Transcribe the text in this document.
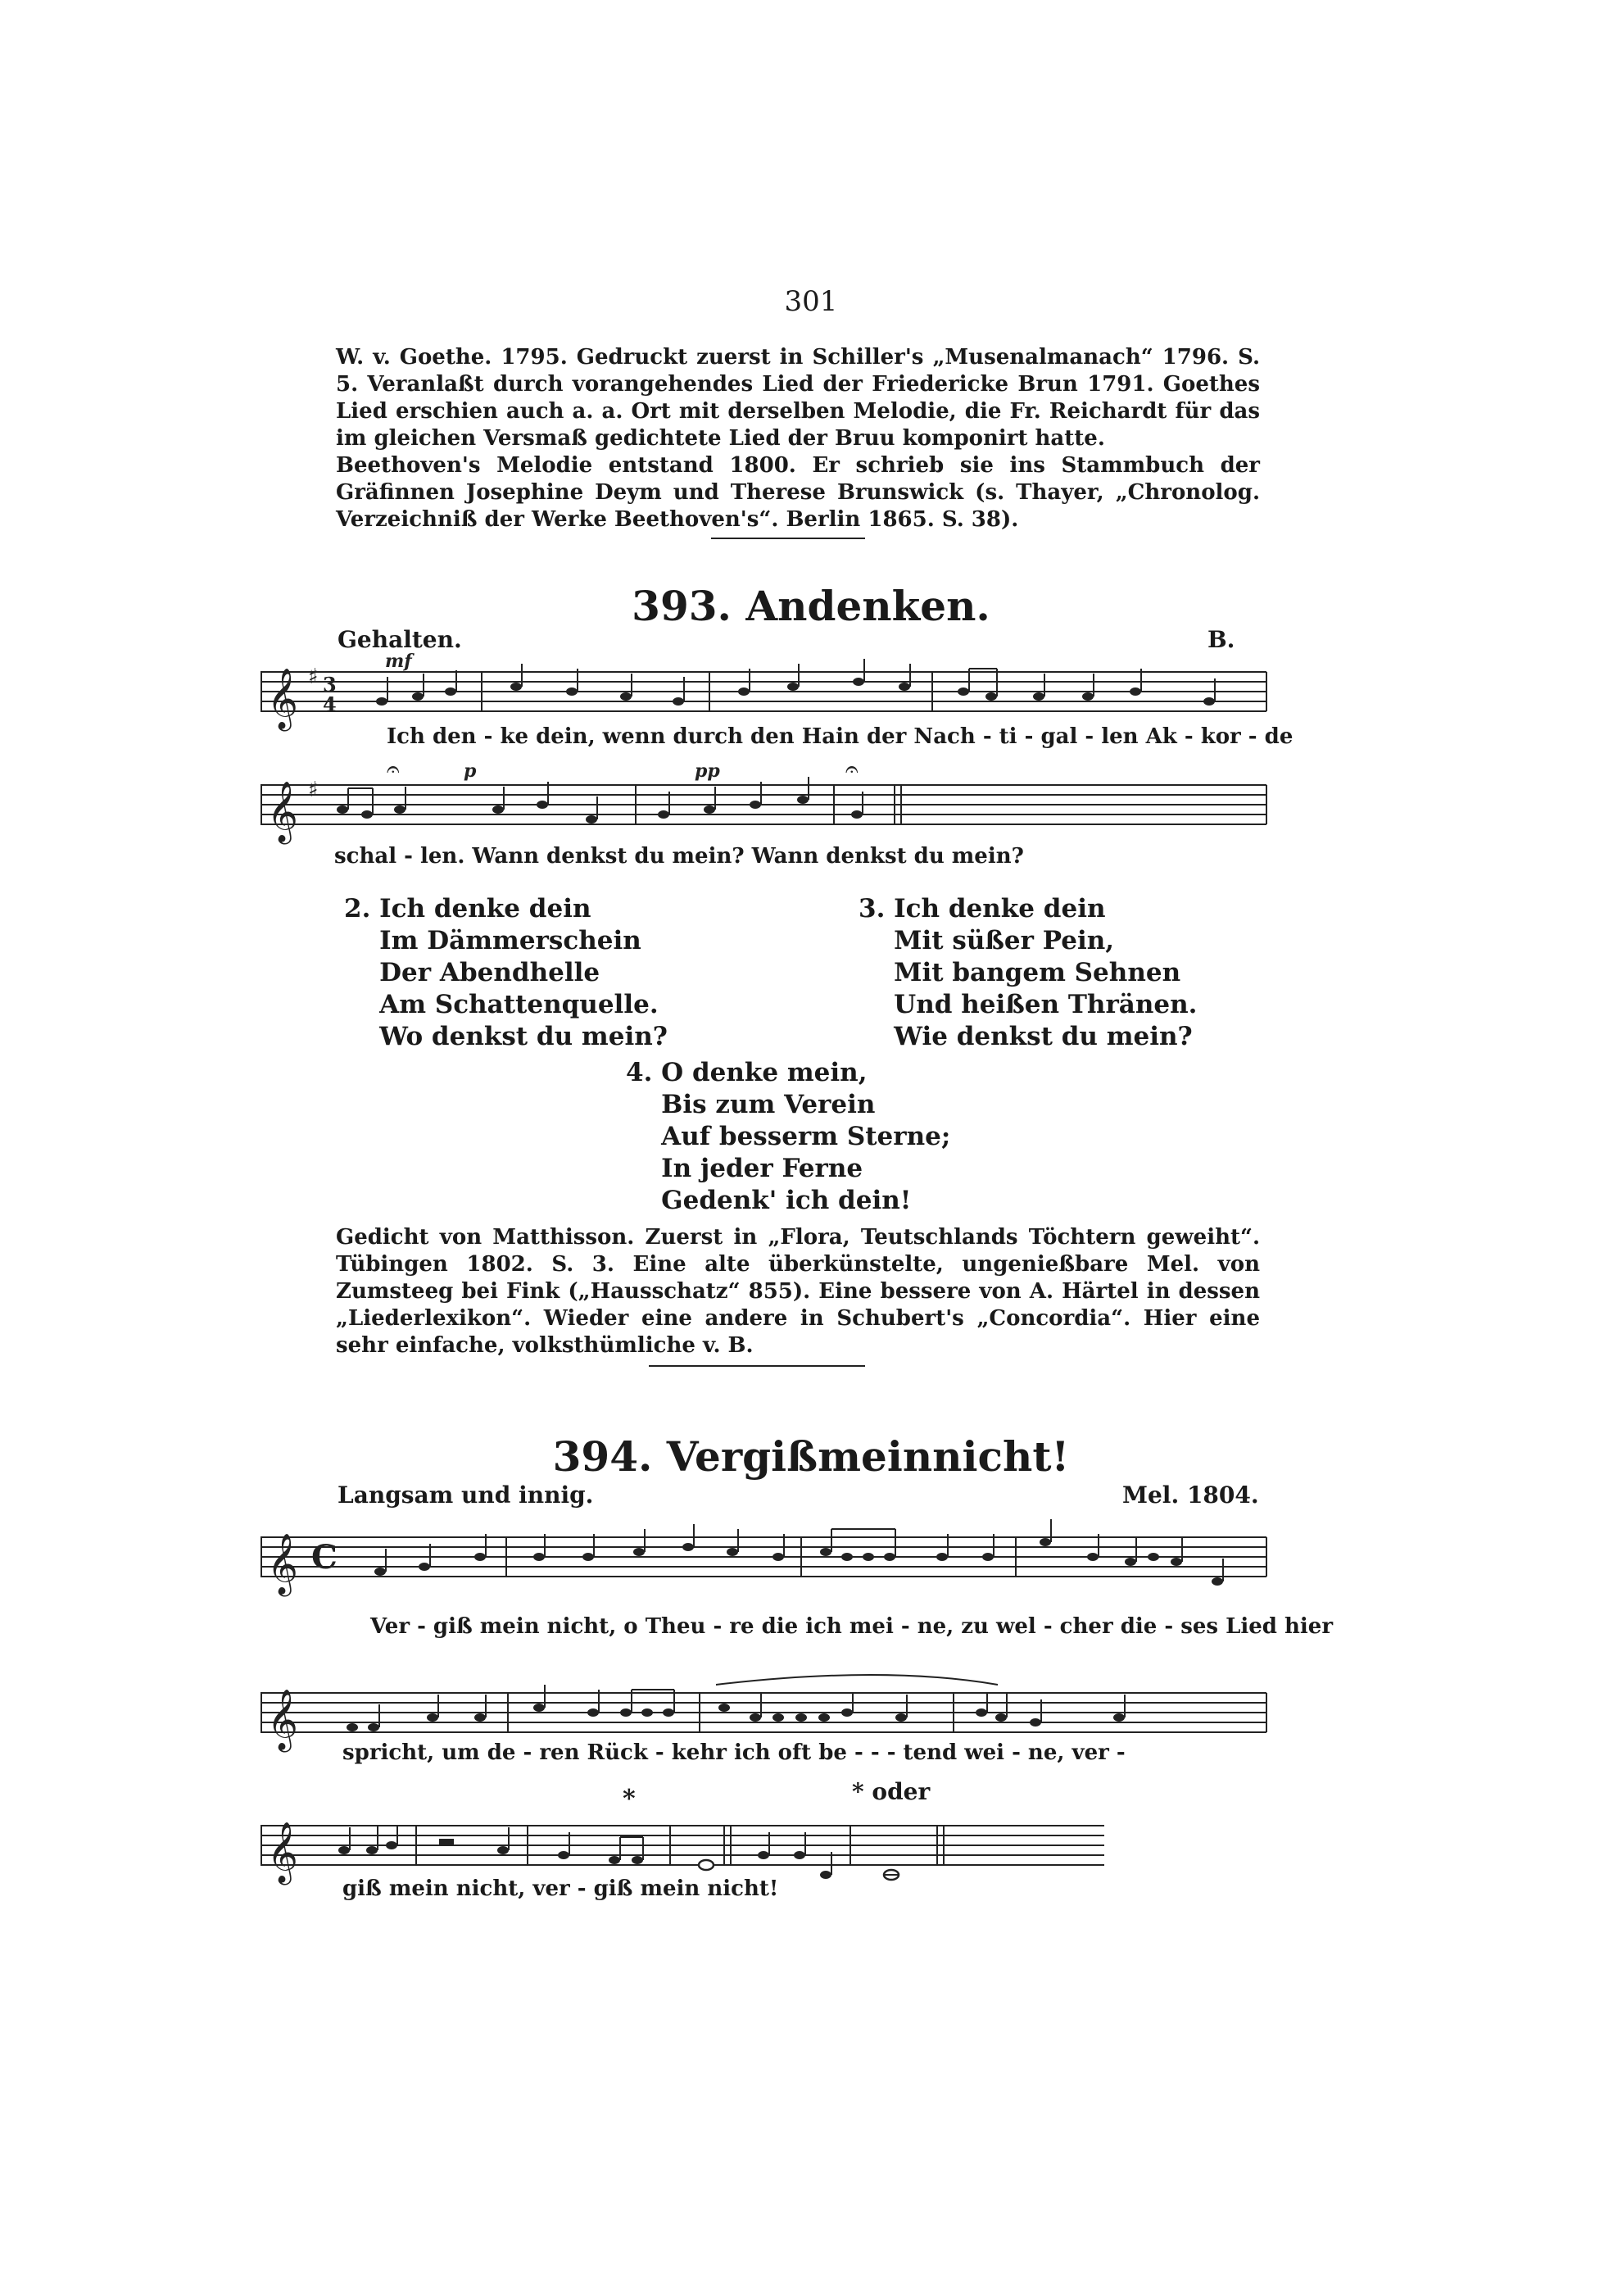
301
W. v. Goethe. 1795. Gedruckt zuerst in Schiller's „Musenalmanach“ 1796. S. 5. Veranlaßt durch vorangehendes Lied der Friedericke Brun 1791. Goethes Lied erschien auch a. a. Ort mit derselben Melodie, die Fr. Reichardt für das im gleichen Versmaß gedichtete Lied der Bruu komponirt hatte.
Beethoven's Melodie entstand 1800. Er schrieb sie ins Stammbuch der Gräfinnen Josephine Deym und Therese Brunswick (s. Thayer, „Chronolog. Verzeichniß der Werke Beethoven's“. Berlin 1865. S. 38).
393. Andenken.
Gehalten.	B.
mf
𝄞 ♯ 3
4
Ich den - ke dein, wenn durch den Hain der Nach - ti - gal - len Ak - kor - de
p	pp
𝄞 ♯
𝄐	𝄐
schal - len. Wann denkst du mein? Wann denkst du mein?
2. Ich denke dein
Im Dämmerschein
Der Abendhelle
Am Schattenquelle.
Wo denkst du mein?
3. Ich denke dein
Mit süßer Pein,
Mit bangem Sehnen
Und heißen Thränen.
Wie denkst du mein?
4. O denke mein,
Bis zum Verein
Auf besserm Sterne;
In jeder Ferne
Gedenk' ich dein!
Gedicht von Matthisson. Zuerst in „Flora, Teutschlands Töchtern geweiht“. Tübingen 1802. S. 3. Eine alte überkünstelte, ungenießbare Mel. von Zumsteeg bei Fink („Hausschatz“ 855). Eine bessere von A. Härtel in dessen „Liederlexikon“. Wieder eine andere in Schubert's „Concordia“. Hier eine sehr einfache, volksthümliche v. B.
394. Vergißmeinnicht!
Langsam und innig.	Mel. 1804.
𝄞 C
Ver - giß mein nicht, o Theu - re die ich mei - ne, zu wel - cher die - ses Lied hier
𝄞
spricht, um de - ren Rück - kehr ich oft be - - - tend wei - ne, ver -
*	* oder
𝄞
giß mein nicht, ver - giß mein nicht!
